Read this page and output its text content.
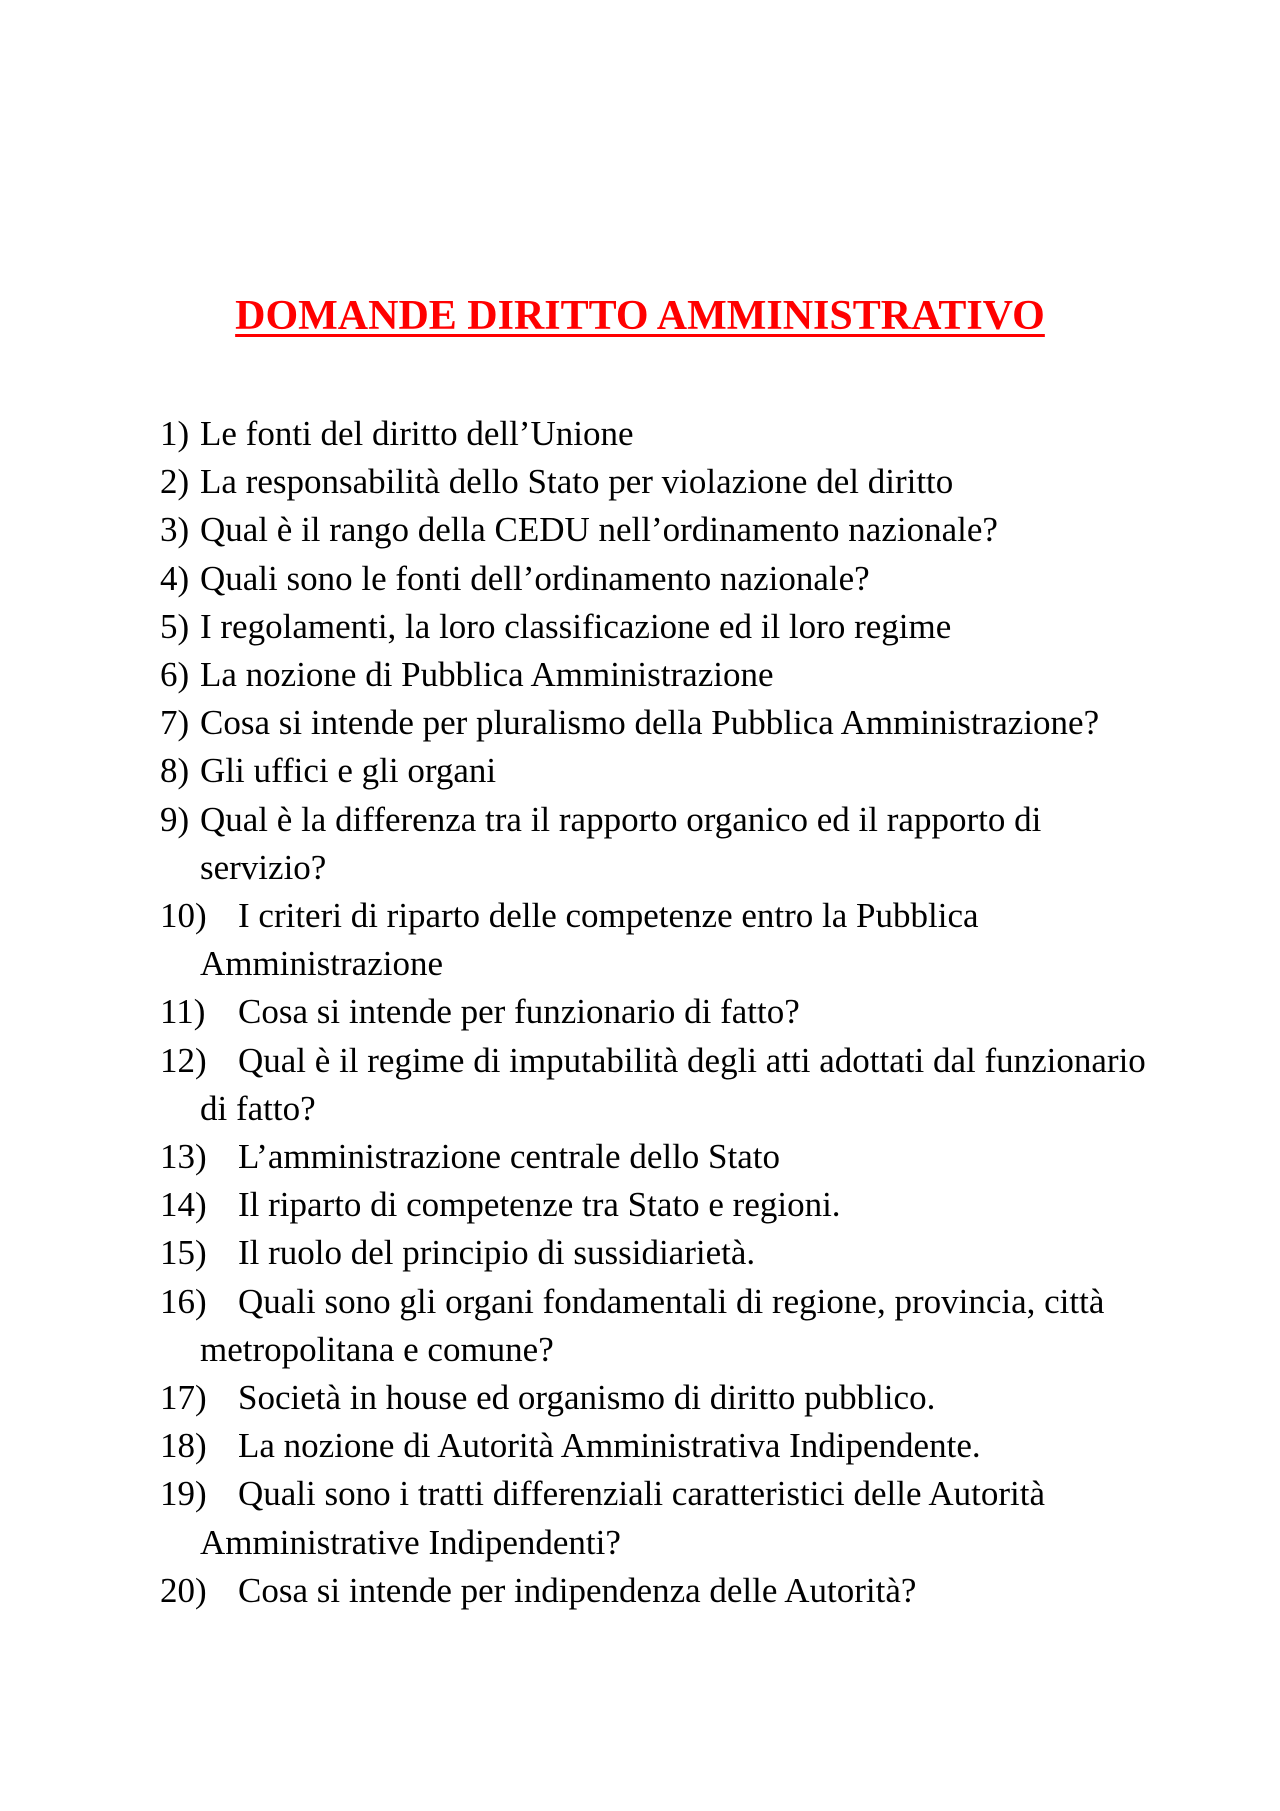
DOMANDE DIRITTO AMMINISTRATIVO
1) Le fonti del diritto dell’Unione
2) La responsabilità dello Stato per violazione del diritto
3) Qual è il rango della CEDU nell’ordinamento nazionale?
4) Quali sono le fonti dell’ordinamento nazionale?
5) I regolamenti, la loro classificazione ed il loro regime
6) La nozione di Pubblica Amministrazione
7) Cosa si intende per pluralismo della Pubblica Amministrazione?
8) Gli uffici e gli organi
9) Qual è la differenza tra il rapporto organico ed il rapporto di servizio?
10) I criteri di riparto delle competenze entro la Pubblica Amministrazione
11) Cosa si intende per funzionario di fatto?
12) Qual è il regime di imputabilità degli atti adottati dal funzionario di fatto?
13) L’amministrazione centrale dello Stato
14) Il riparto di competenze tra Stato e regioni.
15) Il ruolo del principio di sussidiarietà.
16) Quali sono gli organi fondamentali di regione, provincia, città metropolitana e comune?
17) Società in house ed organismo di diritto pubblico.
18) La nozione di Autorità Amministrativa Indipendente.
19) Quali sono i tratti differenziali caratteristici delle Autorità Amministrative Indipendenti?
20) Cosa si intende per indipendenza delle Autorità?
